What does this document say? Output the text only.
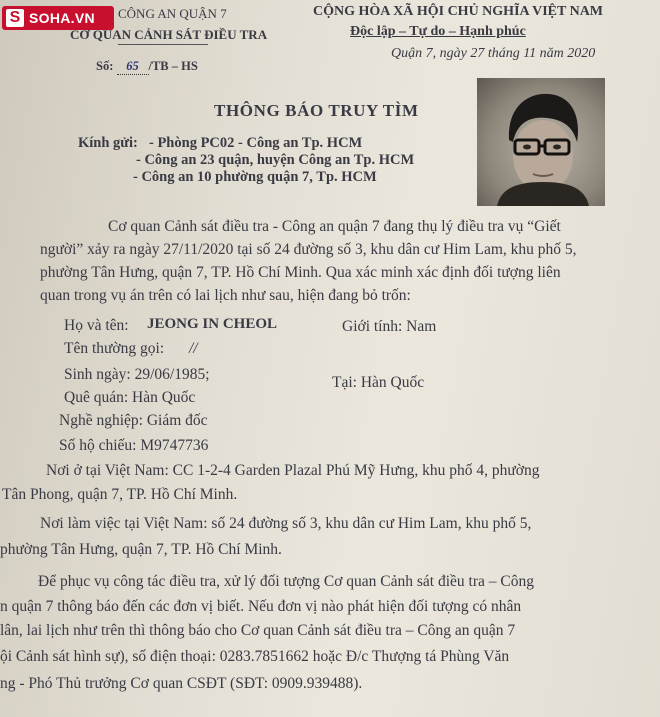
S SOHA.VN CÔNG AN QUẬN 7
CƠ QUAN CẢNH SÁT ĐIỀU TRA
Số: 65 /TB – HS
CỘNG HÒA XÃ HỘI CHỦ NGHĨA VIỆT NAM
Độc lập – Tự do – Hạnh phúc
Quận 7, ngày 27 tháng 11 năm 2020
THÔNG BÁO TRUY TÌM
Kính gửi: - Phòng PC02 - Công an Tp. HCM
- Công an 23 quận, huyện Công an Tp. HCM
- Công an 10 phường quận 7, Tp. HCM
Cơ quan Cảnh sát điều tra - Công an quận 7 đang thụ lý điều tra vụ “Giết
người” xảy ra ngày 27/11/2020 tại số 24 đường số 3, khu dân cư Him Lam, khu phố 5,
phường Tân Hưng, quận 7, TP. Hồ Chí Minh. Qua xác minh xác định đối tượng liên
quan trong vụ án trên có lai lịch như sau, hiện đang bỏ trốn:
Họ và tên: JEONG IN CHEOL	Giới tính: Nam
Tên thường gọi: //
Sinh ngày: 29/06/1985;	Tại: Hàn Quốc
Quê quán: Hàn Quốc
Nghề nghiệp: Giám đốc
Số hộ chiếu: M9747736
Nơi ở tại Việt Nam: CC 1-2-4 Garden Plazal Phú Mỹ Hưng, khu phố 4, phường
Tân Phong, quận 7, TP. Hồ Chí Minh.
Nơi làm việc tại Việt Nam: số 24 đường số 3, khu dân cư Him Lam, khu phố 5,
phường Tân Hưng, quận 7, TP. Hồ Chí Minh.
Để phục vụ công tác điều tra, xử lý đối tượng Cơ quan Cảnh sát điều tra – Công
n quận 7 thông báo đến các đơn vị biết. Nếu đơn vị nào phát hiện đối tượng có nhân
lân, lai lịch như trên thì thông báo cho Cơ quan Cảnh sát điều tra – Công an quận 7
ội Cảnh sát hình sự), số điện thoại: 0283.7851662 hoặc Đ/c Thượng tá Phùng Văn
ng - Phó Thủ trưởng Cơ quan CSĐT (SĐT: 0909.939488).
